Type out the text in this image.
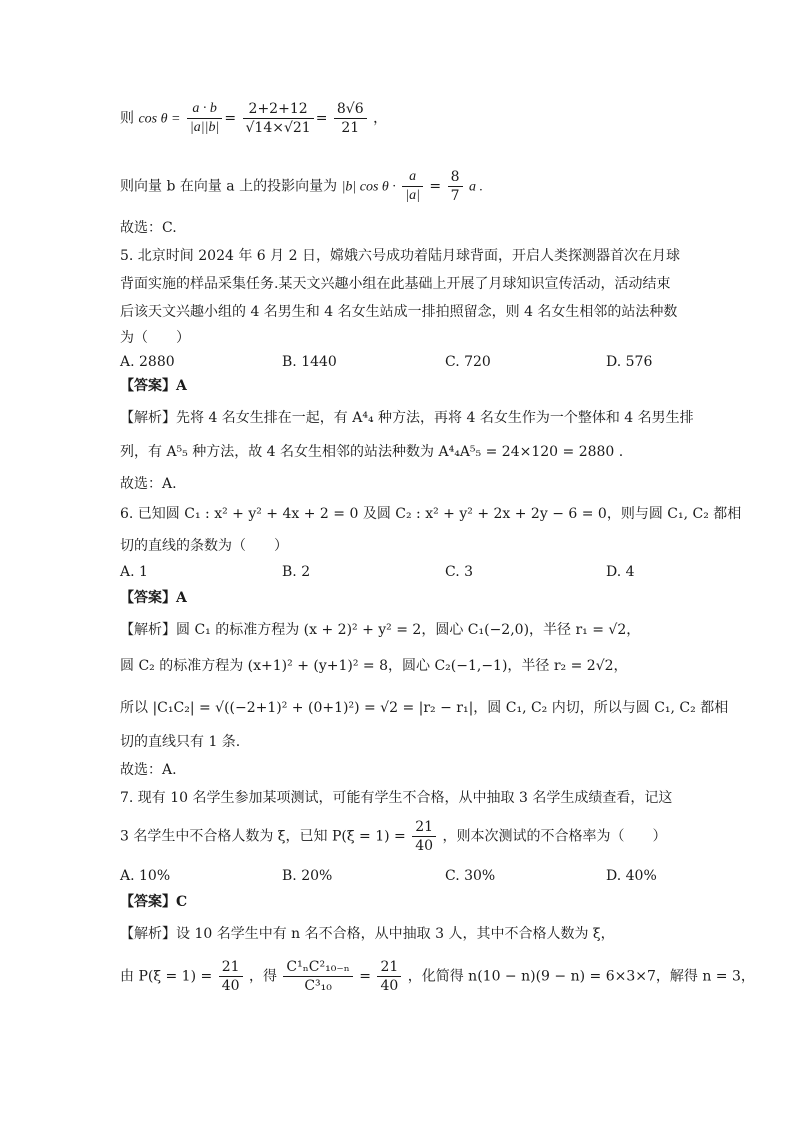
则 $\cos \theta = \frac{a \cdot b}{|a||b|} = \frac{2+2+12}{√14\times√21} = \frac{8√6}{21}$ ，
则向量 b 在向量 a 上的投影向量为 |b| $\cos \theta \cdot \frac{a}{|a|} = \frac{8}{7}$ a .
故选：C.
5. 北京时间 2024 年 6 月 2 日，嫦娥六号成功着陆月球背面，开启人类探测器首次在月球
背面实施的样品采集任务.某天文兴趣小组在此基础上开展了月球知识宣传活动，活动结束
后该天文兴趣小组的 4 名男生和 4 名女生站成一排拍照留念，则 4 名女生相邻的站法种数
为（　　）
A. 2880	B. 1440	C. 720	D. 576
【答案】A
【解析】先将 4 名女生排在一起，有 A⁴₄ 种方法，再将 4 名女生作为一个整体和 4 名男生排
列，有 A⁵₅ 种方法，故 4 名女生相邻的站法种数为 A⁴₄A⁵₅ = 24×120 = 2880 .
故选：A.
6. 已知圆 C₁ : x² + y² + 4x + 2 = 0 及圆 C₂ : x² + y² + 2x + 2y − 6 = 0，则与圆 C₁, C₂ 都相
切的直线的条数为（　　）
A. 1	B. 2	C. 3	D. 4
【答案】A
【解析】圆 C₁ 的标准方程为 (x + 2)² + y² = 2，圆心 C₁(−2,0)，半径 r₁ = √2，
圆 C₂ 的标准方程为 (x+1)² + (y+1)² = 8，圆心 C₂(−1,−1)，半径 r₂ = 2√2，
所以 |C₁C₂| = √((−2+1)² + (0+1)²) = √2 = |r₂ − r₁|，圆 C₁, C₂ 内切，所以与圆 C₁, C₂ 都相
切的直线只有 1 条.
故选：A.
7. 现有 10 名学生参加某项测试，可能有学生不合格，从中抽取 3 名学生成绩查看，记这
3 名学生中不合格人数为 ξ，已知 $P(\xi = 1) = \frac{21}{40}$ ，则本次测试的不合格率为（　　）
A. 10%	B. 20%	C. 30%	D. 40%
【答案】C
【解析】设 10 名学生中有 n 名不合格，从中抽取 3 人，其中不合格人数为 ξ，
由 $P(\xi = 1) = \frac{21}{40}$ ，得 $\frac{\text{C¹ₙC²₁₀₋ₙ}}{\text{C³₁₀}} = \frac{21}{40}$ ，化简得 n(10 − n)(9 − n) = 6×3×7，解得 n = 3，
